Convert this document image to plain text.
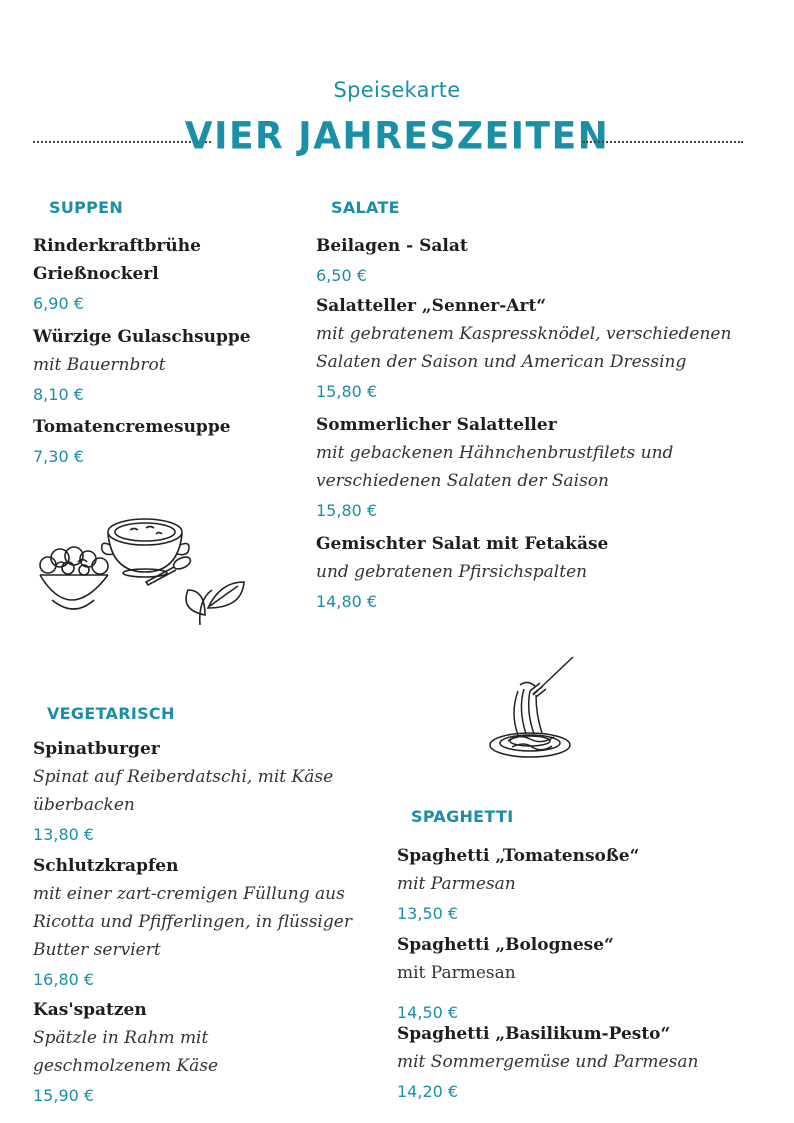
Speisekarte
VIER JAHRESZEITEN
SUPPEN
Rinderkraftbrühe
Grießnockerl
6,90 €
Würzige Gulaschsuppe
mit Bauernbrot
8,10 €
Tomatencremesuppe
7,30 €
SALATE
Beilagen - Salat
6,50 €
Salatteller „Senner-Art“
mit gebratenem Kaspressknödel, verschiedenen
Salaten der Saison und American Dressing
15,80 €
Sommerlicher Salatteller
mit gebackenen Hähnchenbrustfilets und
verschiedenen Salaten der Saison
15,80 €
Gemischter Salat mit Fetakäse
und gebratenen Pfirsichspalten
14,80 €
VEGETARISCH
Spinatburger
Spinat auf Reiberdatschi, mit Käse
überbacken
13,80 €
Schlutzkrapfen
mit einer zart-cremigen Füllung aus
Ricotta und Pfifferlingen, in flüssiger
Butter serviert
16,80 €
Kas'spatzen
Spätzle in Rahm mit
geschmolzenem Käse
15,90 €
SPAGHETTI
Spaghetti „Tomatensoße“
mit Parmesan
13,50 €
Spaghetti „Bolognese“
mit Parmesan
14,50 €
Spaghetti „Basilikum-Pesto“
mit Sommergemüse und Parmesan
14,20 €
